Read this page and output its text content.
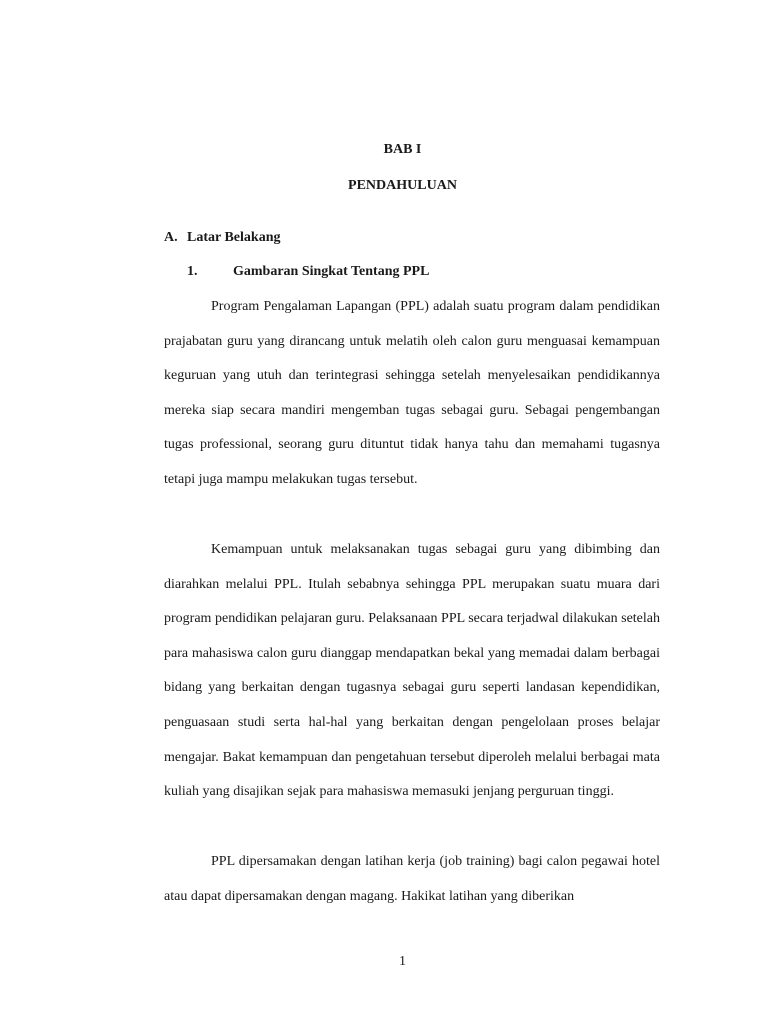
BAB I
PENDAHULUAN
A. Latar Belakang
1.	Gambaran Singkat Tentang PPL

Program Pengalaman Lapangan (PPL) adalah suatu program dalam pendidikan prajabatan guru yang dirancang untuk melatih oleh calon guru menguasai kemampuan keguruan yang utuh dan terintegrasi sehingga setelah menyelesaikan pendidikannya mereka siap secara mandiri mengemban tugas sebagai guru. Sebagai pengembangan tugas professional, seorang guru dituntut tidak hanya tahu dan memahami tugasnya tetapi juga mampu melakukan tugas tersebut.

Kemampuan untuk melaksanakan tugas sebagai guru yang dibimbing dan diarahkan melalui PPL. Itulah sebabnya sehingga PPL merupakan suatu muara dari program pendidikan pelajaran guru. Pelaksanaan PPL secara terjadwal dilakukan setelah para mahasiswa calon guru dianggap mendapatkan bekal yang memadai dalam berbagai bidang yang berkaitan dengan tugasnya sebagai guru seperti landasan kependidikan, penguasaan studi serta hal-hal yang berkaitan dengan pengelolaan proses belajar mengajar. Bakat kemampuan dan pengetahuan tersebut diperoleh melalui berbagai mata kuliah yang disajikan sejak para mahasiswa memasuki jenjang perguruan tinggi.

PPL dipersamakan dengan latihan kerja (job training) bagi calon pegawai hotel atau dapat dipersamakan dengan magang. Hakikat latihan yang diberikan

1
